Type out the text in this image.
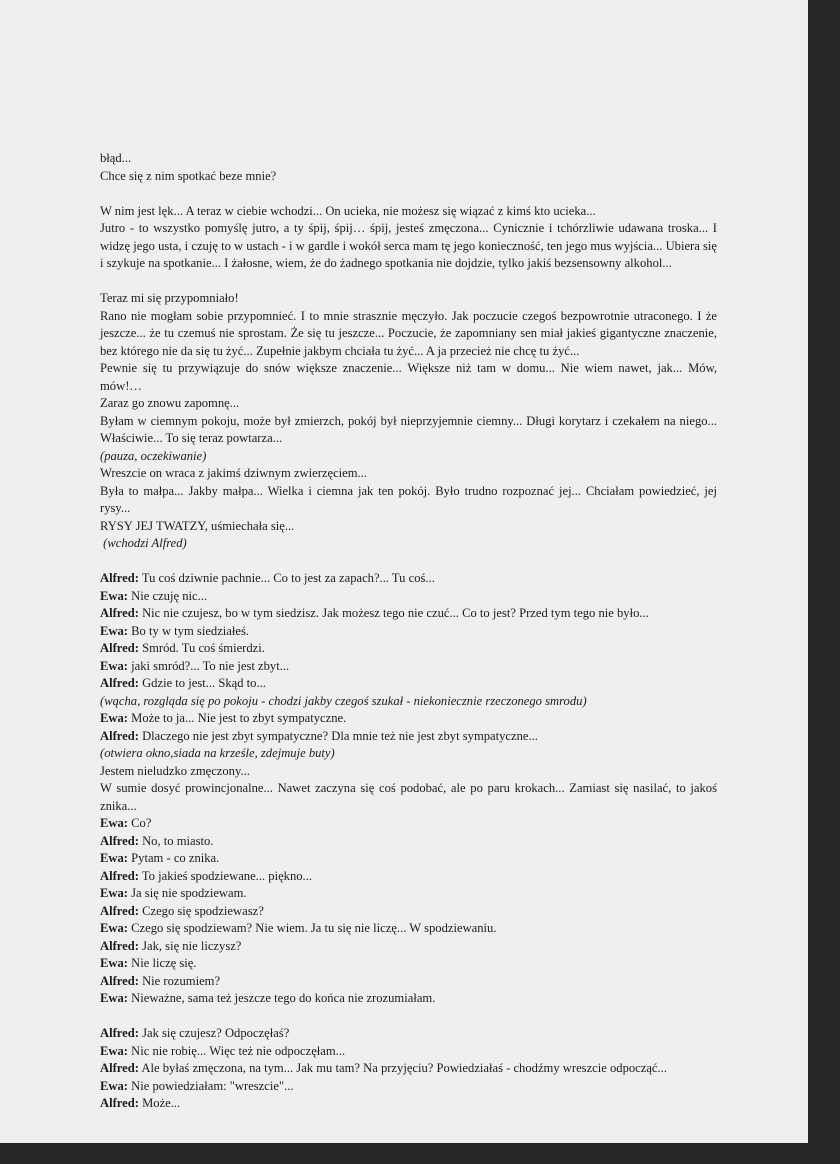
błąd...
Chce się z nim spotkać beze mnie?
W nim jest lęk... A teraz w ciebie wchodzi... On ucieka, nie możesz się wiązać z kimś kto ucieka...
Jutro - to wszystko pomyślę jutro, a ty śpij, śpij… śpij, jesteś zmęczona... Cynicznie i tchórzliwie udawana troska... I widzę jego usta, i czuję to w ustach - i w gardle i wokół serca mam tę jego konieczność, ten jego mus wyjścia... Ubiera się i szykuje na spotkanie... I żałosne, wiem, że do żadnego spotkania nie dojdzie, tylko jakiś bezsensowny alkohol...
Teraz mi się przypomniało!
Rano nie mogłam sobie przypomnieć. I to mnie strasznie męczyło. Jak poczucie czegoś bezpowrotnie utraconego. I że jeszcze... że tu czemuś nie sprostam. Że się tu jeszcze... Poczucie, że zapomniany sen miał jakieś gigantyczne znaczenie, bez którego nie da się tu żyć... Zupełnie jakbym chciała tu żyć... A ja przecież nie chcę tu żyć...
Pewnie się tu przywiązuje do snów większe znaczenie... Większe niż tam w domu... Nie wiem nawet, jak... Mów, mów!…
Zaraz go znowu zapomnę...
Byłam w ciemnym pokoju, może był zmierzch, pokój był nieprzyjemnie ciemny... Długi korytarz i czekałem na niego... Właściwie... To się teraz powtarza...
(pauza, oczekiwanie)
Wreszcie on wraca z jakimś dziwnym zwierzęciem...
Była to małpa... Jakby małpa... Wielka i ciemna jak ten pokój. Było trudno rozpoznać jej... Chciałam powiedzieć, jej rysy...
RYSY JEJ TWATZY, uśmiechała się...
(wchodzi Alfred)
Alfred: Tu coś dziwnie pachnie... Co to jest za zapach?... Tu coś...
Ewa: Nie czuję nic...
Alfred: Nic nie czujesz, bo w tym siedzisz. Jak możesz tego nie czuć... Co to jest? Przed tym tego nie było...
Ewa: Bo ty w tym siedziałeś.
Alfred: Smród. Tu coś śmierdzi.
Ewa: jaki smród?... To nie jest zbyt...
Alfred: Gdzie to jest... Skąd to...
(wącha, rozgląda się po pokoju - chodzi jakby czegoś szukał - niekoniecznie rzeczonego smrodu)
Ewa: Może to ja... Nie jest to zbyt sympatyczne.
Alfred: Dlaczego nie jest zbyt sympatyczne? Dla mnie też nie jest zbyt sympatyczne...
(otwiera okno,siada na krześle, zdejmuje buty)
Jestem nieludzko zmęczony...
W sumie dosyć prowincjonalne... Nawet zaczyna się coś podobać, ale po paru krokach... Zamiast się nasilać, to jakoś znika...
Ewa: Co?
Alfred: No, to miasto.
Ewa: Pytam - co znika.
Alfred: To jakieś spodziewane... piękno...
Ewa: Ja się nie spodziewam.
Alfred: Czego się spodziewasz?
Ewa: Czego się spodziewam? Nie wiem. Ja tu się nie liczę... W spodziewaniu.
Alfred: Jak, się nie liczysz?
Ewa: Nie liczę się.
Alfred: Nie rozumiem?
Ewa: Nieważne, sama też jeszcze tego do końca nie zrozumiałam.
Alfred: Jak się czujesz? Odpoczęłaś?
Ewa: Nic nie robię... Więc też nie odpoczęłam...
Alfred: Ale byłaś zmęczona, na tym... Jak mu tam? Na przyjęciu? Powiedziałaś - chodźmy wreszcie odpocząć...
Ewa: Nie powiedziałam: "wreszcie"...
Alfred: Może...
